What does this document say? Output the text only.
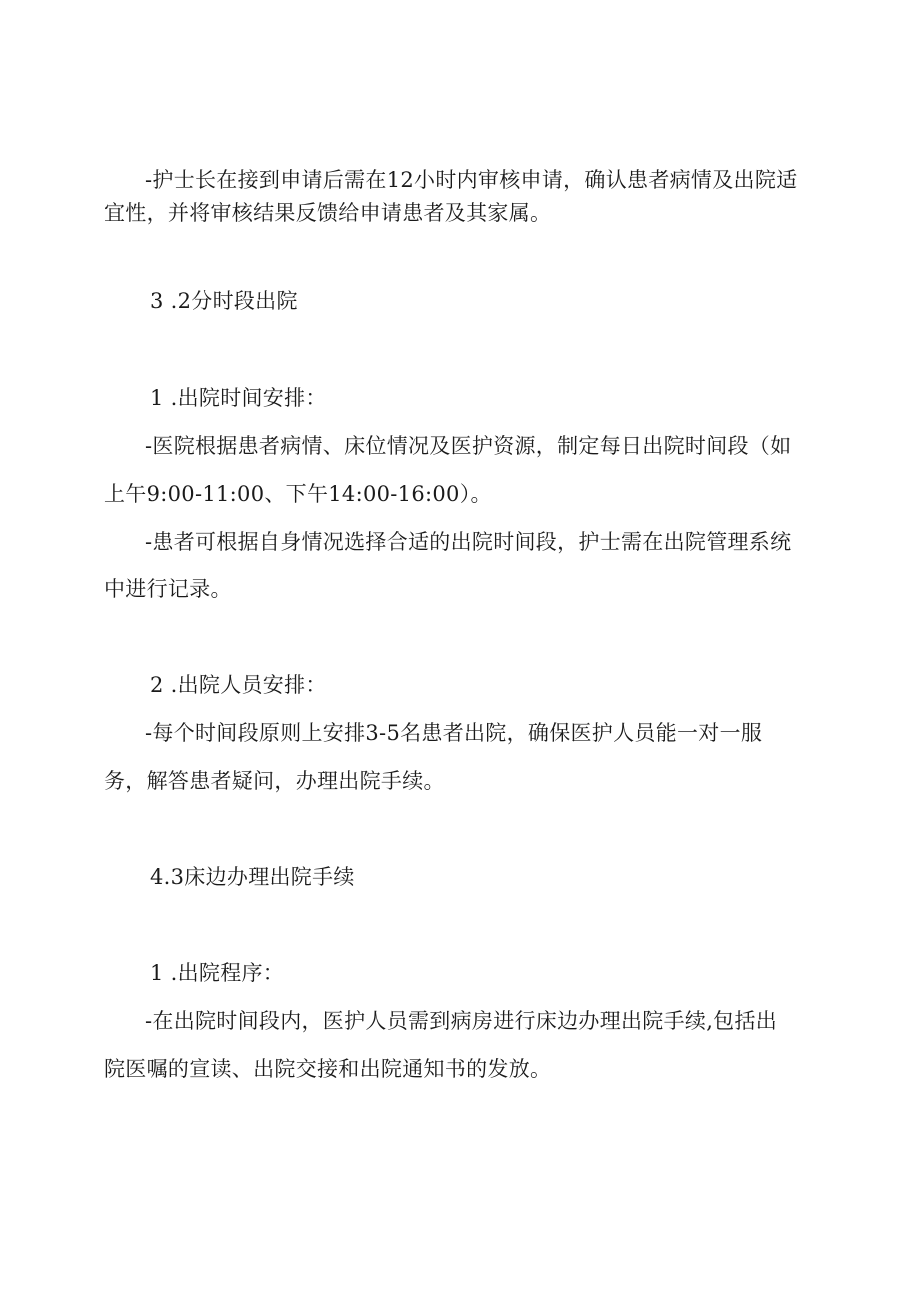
-护士长在接到申请后需在12小时内审核申请，确认患者病情及出院适
宜性，并将审核结果反馈给申请患者及其家属。
3 .2分时段出院
1 .出院时间安排：
-医院根据患者病情、床位情况及医护资源，制定每日出院时间段（如
上午9:00-11:00、下午14:00-16:00）。
-患者可根据自身情况选择合适的出院时间段，护士需在出院管理系统
中进行记录。
2 .出院人员安排：
-每个时间段原则上安排3-5名患者出院，确保医护人员能一对一服
务，解答患者疑问，办理出院手续。
4.3床边办理出院手续
1 .出院程序：
-在出院时间段内，医护人员需到病房进行床边办理出院手续,包括出
院医嘱的宣读、出院交接和出院通知书的发放。
